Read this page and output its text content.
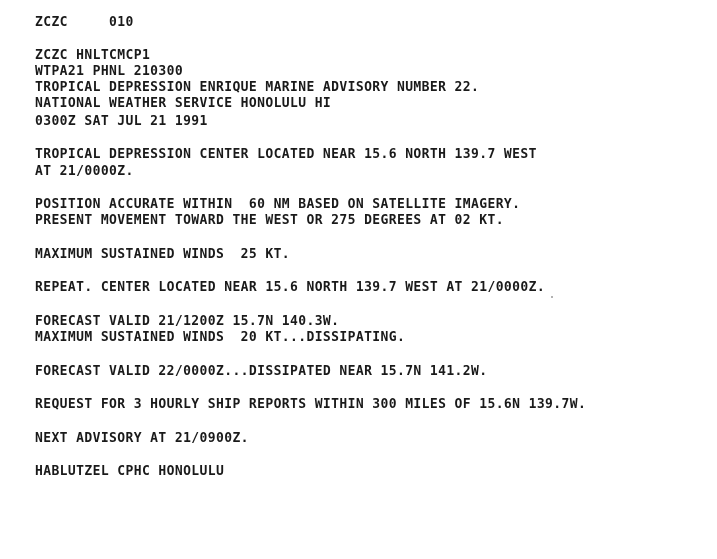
ZCZC     010
ZCZC HNLTCMCP1
WTPA21 PHNL 210300
TROPICAL DEPRESSION ENRIQUE MARINE ADVISORY NUMBER 22.
NATIONAL WEATHER SERVICE HONOLULU HI
0300Z SAT JUL 21 1991
TROPICAL DEPRESSION CENTER LOCATED NEAR 15.6 NORTH 139.7 WEST
AT 21/0000Z.
POSITION ACCURATE WITHIN  60 NM BASED ON SATELLITE IMAGERY.
PRESENT MOVEMENT TOWARD THE WEST OR 275 DEGREES AT 02 KT.
MAXIMUM SUSTAINED WINDS  25 KT.
REPEAT. CENTER LOCATED NEAR 15.6 NORTH 139.7 WEST AT 21/0000Z.
FORECAST VALID 21/1200Z 15.7N 140.3W.
MAXIMUM SUSTAINED WINDS  20 KT...DISSIPATING.
FORECAST VALID 22/0000Z...DISSIPATED NEAR 15.7N 141.2W.
REQUEST FOR 3 HOURLY SHIP REPORTS WITHIN 300 MILES OF 15.6N 139.7W.
NEXT ADVISORY AT 21/0900Z.
HABLUTZEL CPHC HONOLULU
